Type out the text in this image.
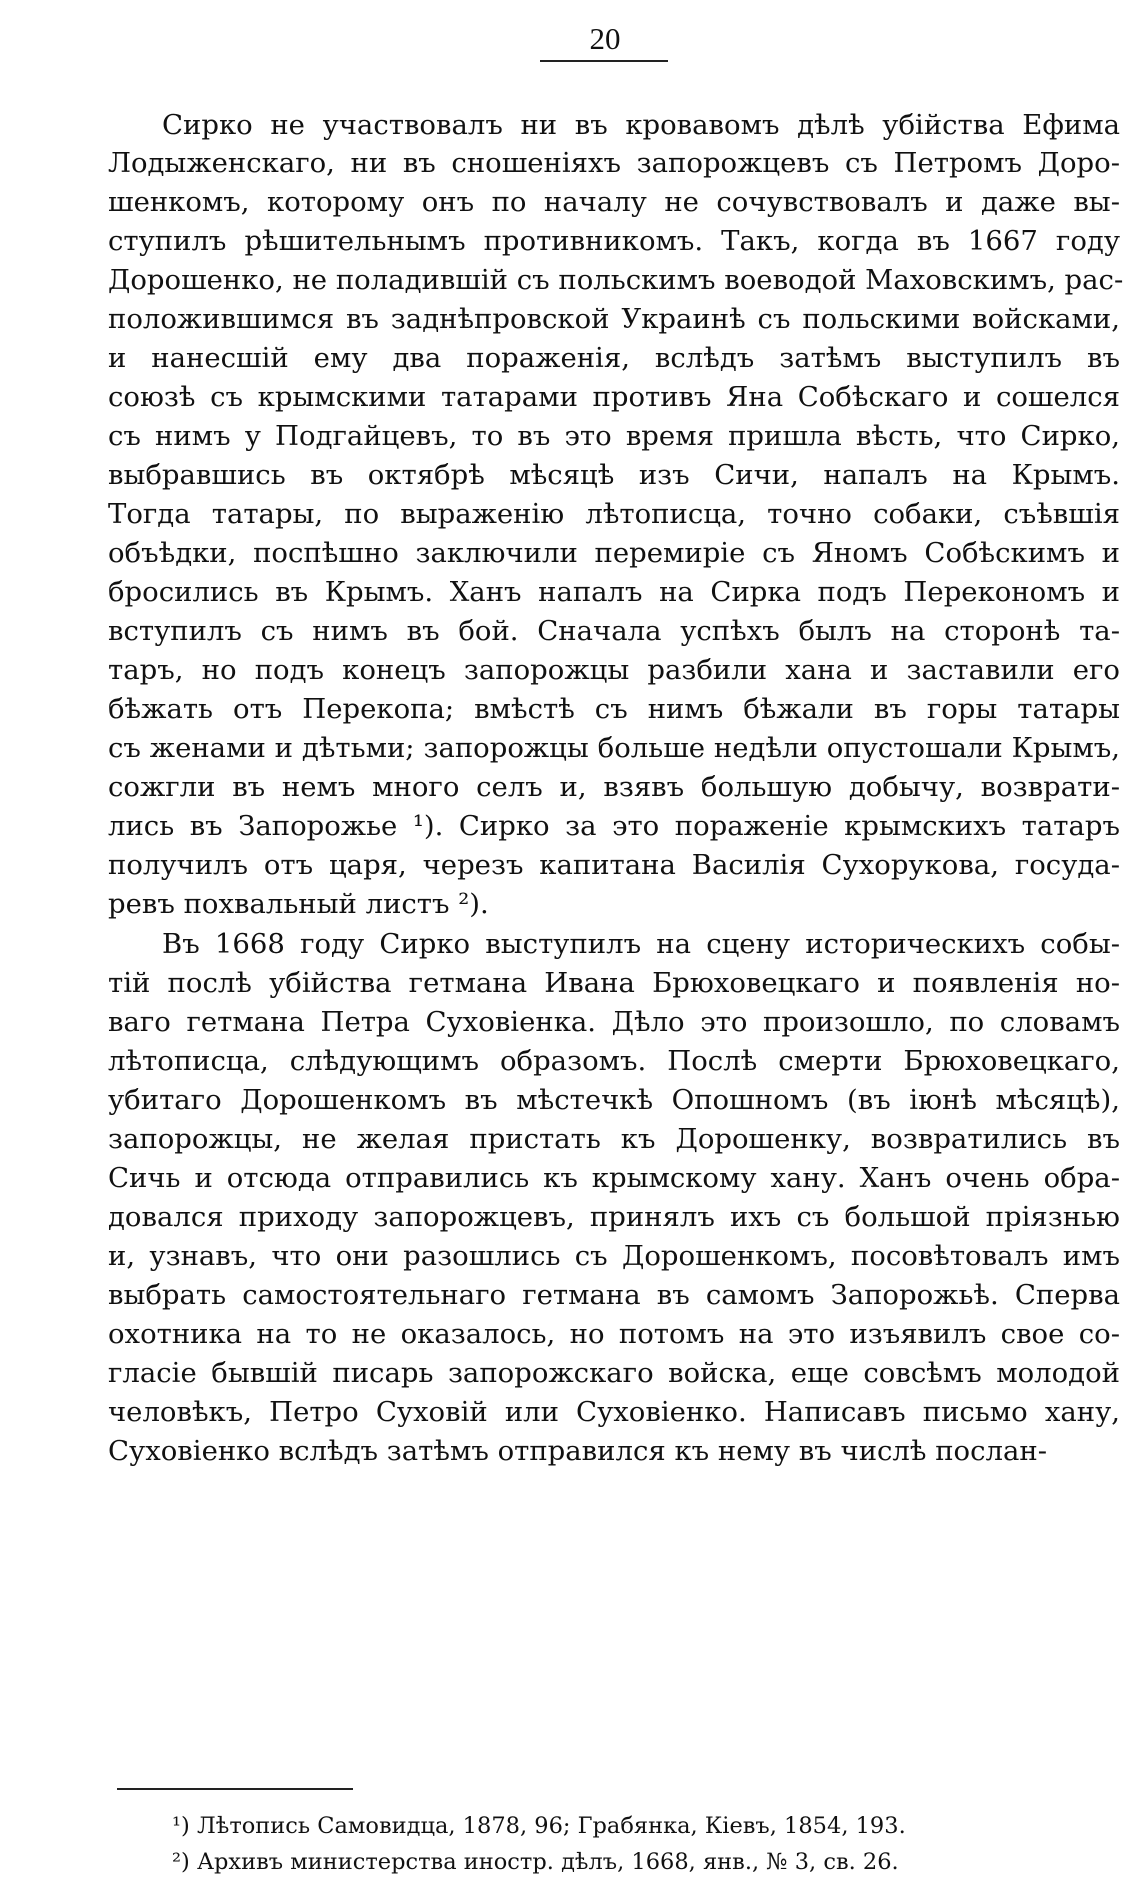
20
Сирко не участвовалъ ни въ кровавомъ дѣлѣ убійства Ефима
Лодыженскаго, ни въ сношеніяхъ запорожцевъ съ Петромъ Доро-
шенкомъ, которому онъ по началу не сочувствовалъ и даже вы-
ступилъ рѣшительнымъ противникомъ. Такъ, когда въ 1667 году
Дорошенко, не поладившій съ польскимъ воеводой Маховскимъ, рас-
положившимся въ заднѣпровской Украинѣ съ польскими войсками,
и нанесшій ему два пораженія, вслѣдъ затѣмъ выступилъ въ
союзѣ съ крымскими татарами противъ Яна Собѣскаго и сошелся
съ нимъ у Подгайцевъ, то въ это время пришла вѣсть, что Сирко,
выбравшись въ октябрѣ мѣсяцѣ изъ Сичи, напалъ на Крымъ.
Тогда татары, по выраженію лѣтописца, точно собаки, съѣвшія
объѣдки, поспѣшно заключили перемиріе съ Яномъ Собѣскимъ и
бросились въ Крымъ. Ханъ напалъ на Сирка подъ Перекономъ и
вступилъ съ нимъ въ бой. Сначала успѣхъ былъ на сторонѣ та-
таръ, но подъ конецъ запорожцы разбили хана и заставили его
бѣжать отъ Перекопа; вмѣстѣ съ нимъ бѣжали въ горы татары
съ женами и дѣтьми; запорожцы больше недѣли опустошали Крымъ,
сожгли въ немъ много селъ и, взявъ большую добычу, возврати-
лись въ Запорожье ¹). Сирко за это пораженіе крымскихъ татаръ
получилъ отъ царя, черезъ капитана Василія Сухорукова, госуда-
ревъ похвальный листъ ²).
Въ 1668 году Сирко выступилъ на сцену историческихъ собы-
тій послѣ убійства гетмана Ивана Брюховецкаго и появленія но-
ваго гетмана Петра Суховіенка. Дѣло это произошло, по словамъ
лѣтописца, слѣдующимъ образомъ. Послѣ смерти Брюховецкаго,
убитаго Дорошенкомъ въ мѣстечкѣ Опошномъ (въ іюнѣ мѣсяцѣ),
запорожцы, не желая пристать къ Дорошенку, возвратились въ
Сичь и отсюда отправились къ крымскому хану. Ханъ очень обра-
довался приходу запорожцевъ, принялъ ихъ съ большой пріязнью
и, узнавъ, что они разошлись съ Дорошенкомъ, посовѣтовалъ имъ
выбрать самостоятельнаго гетмана въ самомъ Запорожьѣ. Сперва
охотника на то не оказалось, но потомъ на это изъявилъ свое со-
гласіе бывшій писарь запорожскаго войска, еще совсѣмъ молодой
человѣкъ, Петро Суховій или Суховіенко. Написавъ письмо хану,
Суховіенко вслѣдъ затѣмъ отправился къ нему въ числѣ послан-
¹) Лѣтопись Самовидца, 1878, 96; Грабянка, Кіевъ, 1854, 193.
²) Архивъ министерства иностр. дѣлъ, 1668, янв., № 3, св. 26.
